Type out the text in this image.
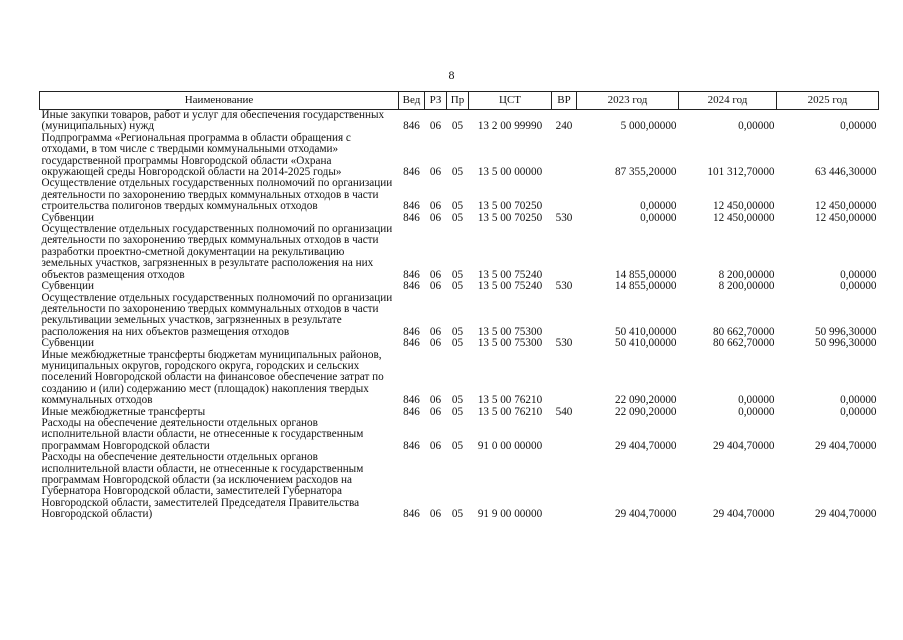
8
Наименование	Вед	РЗ	Пр	ЦСТ	ВР	2023 год	2024 год	2025 год
Иные закупки товаров, работ и услуг для обеспечения государственных (муниципальных) нужд	846	06	05	13 2 00 99990	240	5 000,00000	0,00000	0,00000
Подпрограмма «Региональная программа в области обращения с отходами, в том числе с твердыми коммунальными отходами» государственной программы Новгородской области «Охрана окружающей среды Новгородской области на 2014-2025 годы»	846	06	05	13 5 00 00000		87 355,20000	101 312,70000	63 446,30000
Осуществление отдельных государственных полномочий по организации деятельности по захоронению твердых коммунальных отходов в части строительства полигонов твердых коммунальных отходов	846	06	05	13 5 00 70250		0,00000	12 450,00000	12 450,00000
Субвенции	846	06	05	13 5 00 70250	530	0,00000	12 450,00000	12 450,00000
Осуществление отдельных государственных полномочий по организации деятельности по захоронению твердых коммунальных отходов в части разработки проектно-сметной документации на рекультивацию земельных участков, загрязненных в результате расположения на них объектов размещения отходов	846	06	05	13 5 00 75240		14 855,00000	8 200,00000	0,00000
Субвенции	846	06	05	13 5 00 75240	530	14 855,00000	8 200,00000	0,00000
Осуществление отдельных государственных полномочий по организации деятельности по захоронению твердых коммунальных отходов в части рекультивации земельных участков, загрязненных в результате расположения на них объектов размещения отходов	846	06	05	13 5 00 75300		50 410,00000	80 662,70000	50 996,30000
Субвенции	846	06	05	13 5 00 75300	530	50 410,00000	80 662,70000	50 996,30000
Иные межбюджетные трансферты бюджетам муниципальных районов, муниципальных округов, городского округа, городских и сельских поселений Новгородской области на финансовое обеспечение затрат по созданию и (или) содержанию мест (площадок) накопления твердых коммунальных отходов	846	06	05	13 5 00 76210		22 090,20000	0,00000	0,00000
Иные межбюджетные трансферты	846	06	05	13 5 00 76210	540	22 090,20000	0,00000	0,00000
Расходы на обеспечение деятельности отдельных органов исполнительной власти области, не отнесенные к государственным программам Новгородской области	846	06	05	91 0 00 00000		29 404,70000	29 404,70000	29 404,70000
Расходы на обеспечение деятельности отдельных органов исполнительной власти области, не отнесенные к государственным программам Новгородской области (за исключением расходов на Губернатора Новгородской области, заместителей Губернатора Новгородской области, заместителей Председателя Правительства Новгородской области)	846	06	05	91 9 00 00000		29 404,70000	29 404,70000	29 404,70000
